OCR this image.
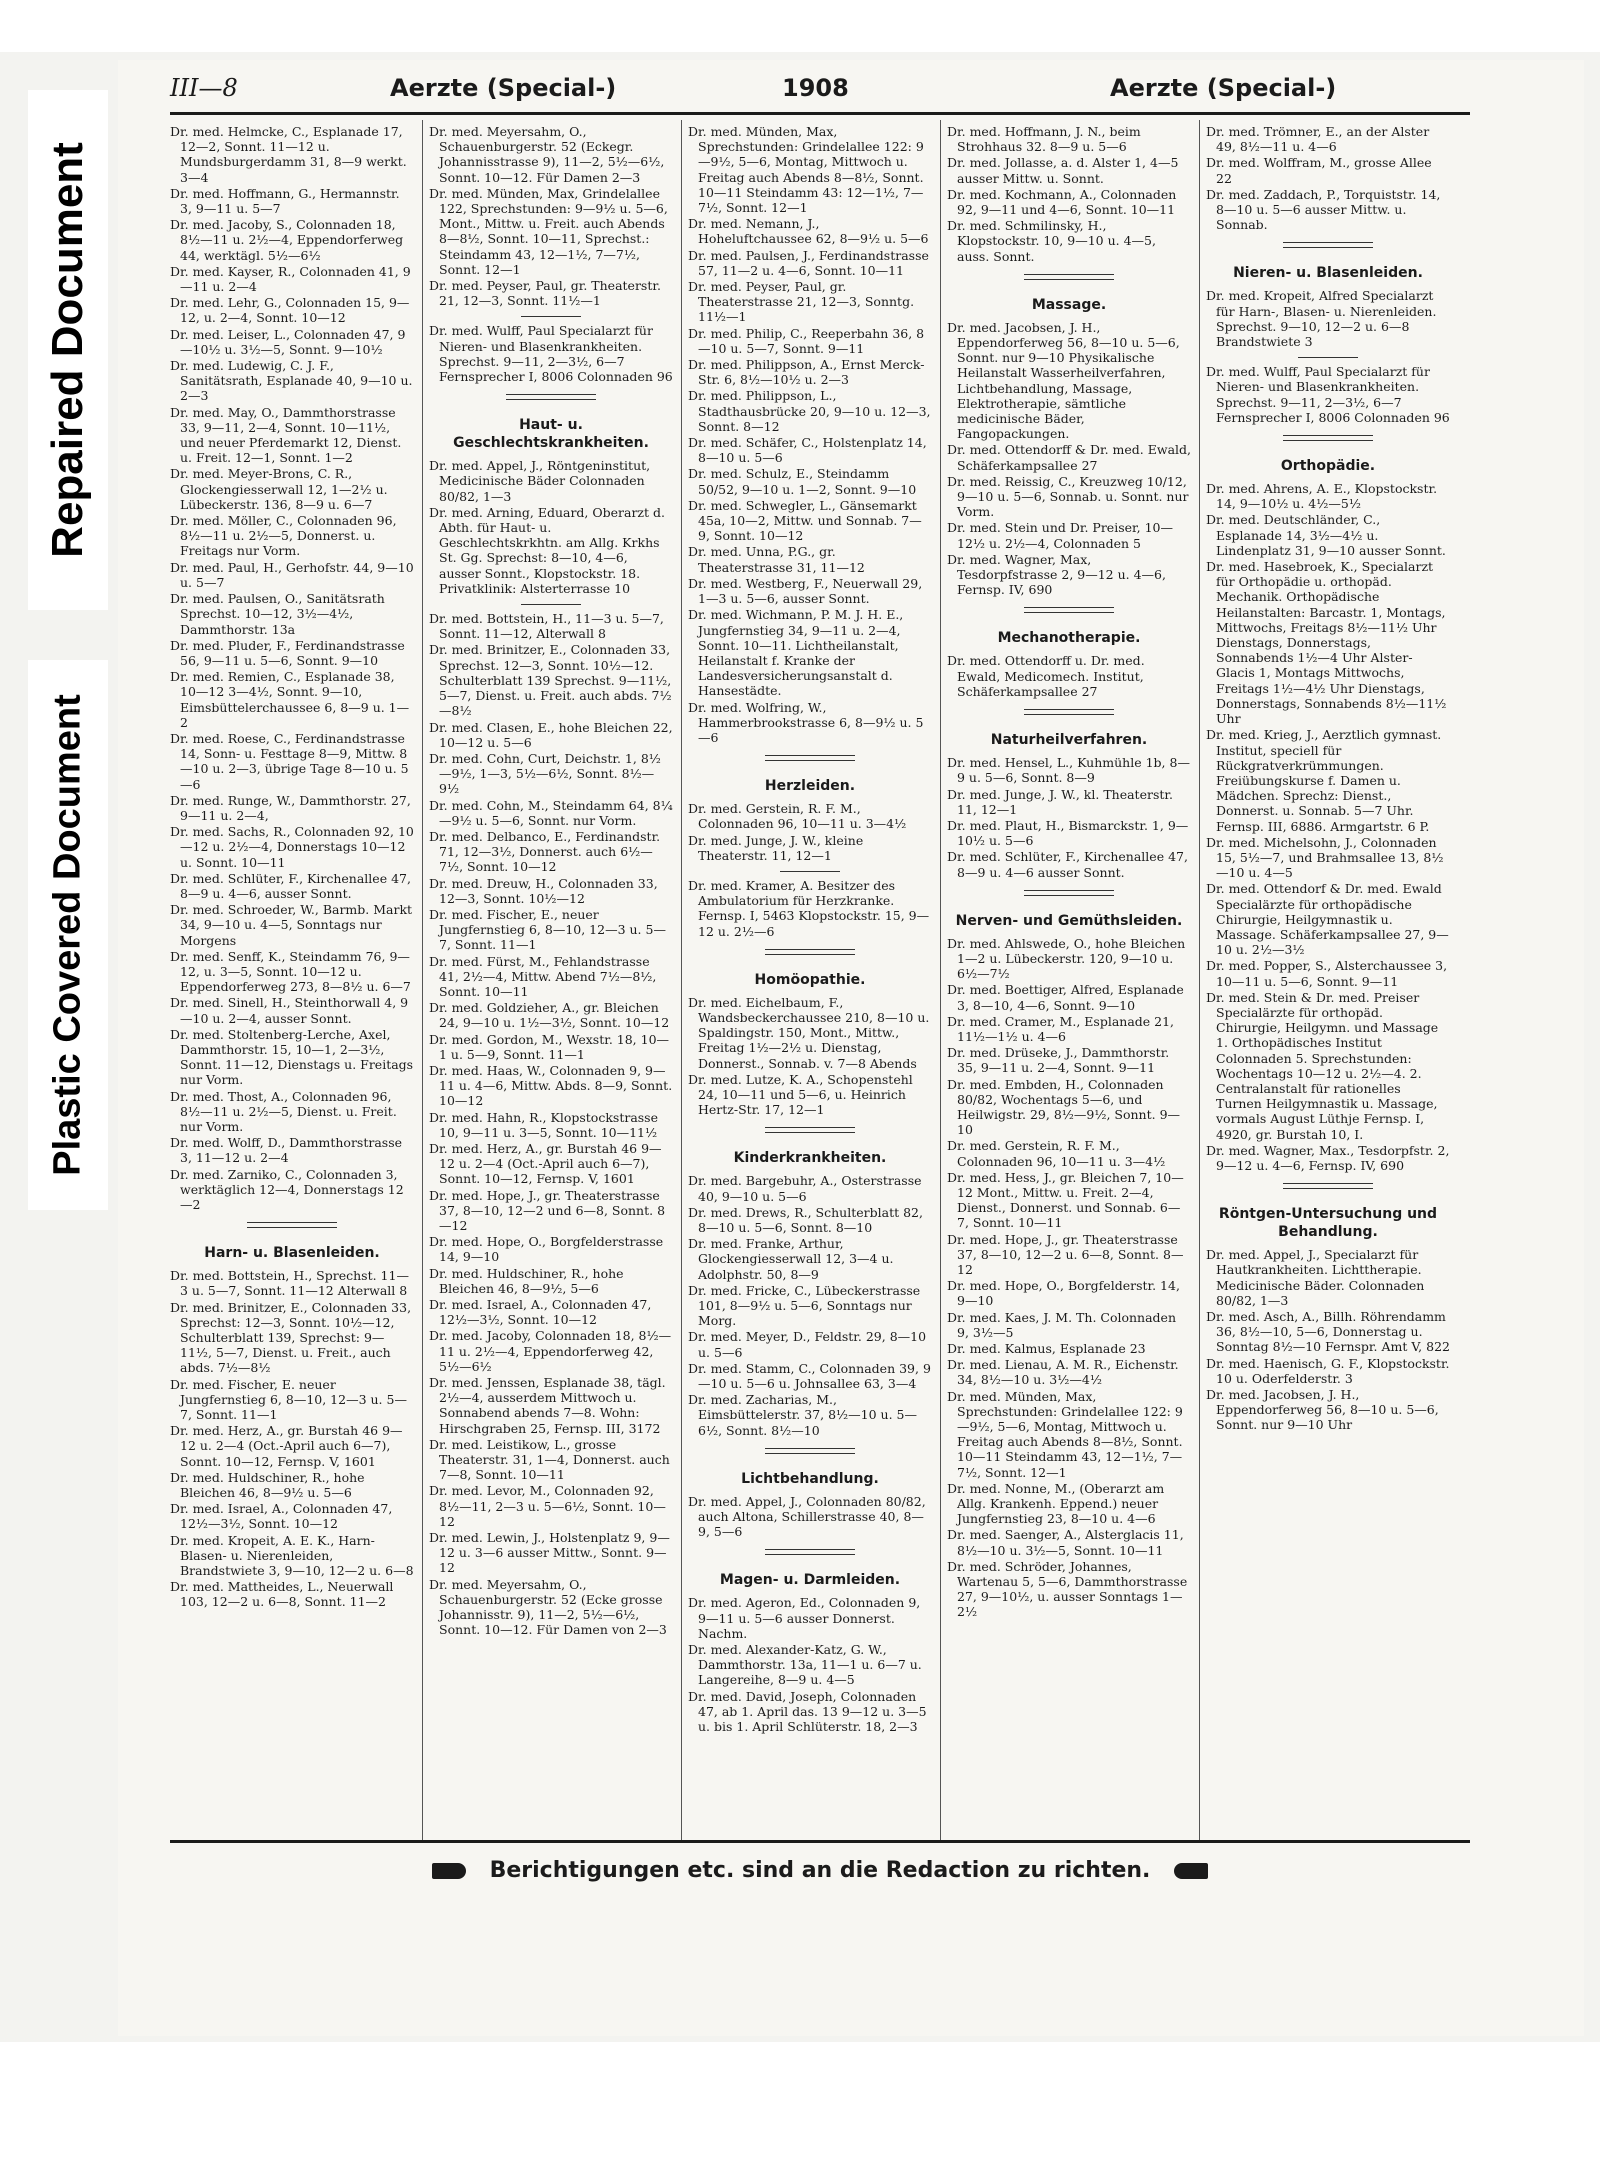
Repaired Document
Plastic Covered Document
III—8	Aerzte (Special-)	1908	Aerzte (Special-)

Dr. med. Helmcke, C., Esplanade 17, 12—2, Sonnt. 11—12 u. Mundsburgerdamm 31, 8—9 werkt. 3—4

Dr. med. Hoffmann, G., Hermannstr. 3, 9—11 u. 5—7

Dr. med. Jacoby, S., Colonnaden 18, 8½—11 u. 2½—4, Eppendorferweg 44, werktägl. 5½—6½

Dr. med. Kayser, R., Colonnaden 41, 9—11 u. 2—4

Dr. med. Lehr, G., Colonnaden 15, 9—12, u. 2—4, Sonnt. 10—12

Dr. med. Leiser, L., Colonnaden 47, 9—10½ u. 3½—5, Sonnt. 9—10½

Dr. med. Ludewig, C. J. F., Sanitätsrath, Esplanade 40, 9—10 u. 2—3

Dr. med. May, O., Dammthorstrasse 33, 9—11, 2—4, Sonnt. 10—11½, und neuer Pferdemarkt 12, Dienst. u. Freit. 12—1, Sonnt. 1—2

Dr. med. Meyer-Brons, C. R., Glockengiesserwall 12, 1—2½ u. Lübeckerstr. 136, 8—9 u. 6—7

Dr. med. Möller, C., Colonnaden 96, 8½—11 u. 2½—5, Donnerst. u. Freitags nur Vorm.

Dr. med. Paul, H., Gerhofstr. 44, 9—10 u. 5—7

Dr. med. Paulsen, O., Sanitätsrath Sprechst. 10—12, 3½—4½, Dammthorstr. 13a

Dr. med. Pluder, F., Ferdinandstrasse 56, 9—11 u. 5—6, Sonnt. 9—10

Dr. med. Remien, C., Esplanade 38, 10—12 3—4½, Sonnt. 9—10, Eimsbüttelerchaussee 6, 8—9 u. 1—2

Dr. med. Roese, C., Ferdinandstrasse 14, Sonn- u. Festtage 8—9, Mittw. 8—10 u. 2—3, übrige Tage 8—10 u. 5—6

Dr. med. Runge, W., Dammthorstr. 27, 9—11 u. 2—4,

Dr. med. Sachs, R., Colonnaden 92, 10—12 u. 2½—4, Donnerstags 10—12 u. Sonnt. 10—11

Dr. med. Schlüter, F., Kirchenallee 47, 8—9 u. 4—6, ausser Sonnt.

Dr. med. Schroeder, W., Barmb. Markt 34, 9—10 u. 4—5, Sonntags nur Morgens

Dr. med. Senff, K., Steindamm 76, 9—12, u. 3—5, Sonnt. 10—12 u. Eppendorferweg 273, 8—8½ u. 6—7

Dr. med. Sinell, H., Steinthorwall 4, 9—10 u. 2—4, ausser Sonnt.

Dr. med. Stoltenberg-Lerche, Axel, Dammthorstr. 15, 10—1, 2—3½, Sonnt. 11—12, Dienstags u. Freitags nur Vorm.

Dr. med. Thost, A., Colonnaden 96, 8½—11 u. 2½—5, Dienst. u. Freit. nur Vorm.

Dr. med. Wolff, D., Dammthorstrasse 3, 11—12 u. 2—4

Dr. med. Zarniko, C., Colonnaden 3, werktäglich 12—4, Donnerstags 12—2

Harn- u. Blasenleiden.

Dr. med. Bottstein, H., Sprechst. 11—3 u. 5—7, Sonnt. 11—12 Alterwall 8

Dr. med. Brinitzer, E., Colonnaden 33, Sprechst: 12—3, Sonnt. 10½—12, Schulterblatt 139, Sprechst: 9—11½, 5—7, Dienst. u. Freit., auch abds. 7½—8½

Dr. med. Fischer, E. neuer Jungfernstieg 6, 8—10, 12—3 u. 5—7, Sonnt. 11—1

Dr. med. Herz, A., gr. Burstah 46 9—12 u. 2—4 (Oct.-April auch 6—7), Sonnt. 10—12, Fernsp. V, 1601

Dr. med. Huldschiner, R., hohe Bleichen 46, 8—9½ u. 5—6

Dr. med. Israel, A., Colonnaden 47, 12½—3½, Sonnt. 10—12

Dr. med. Kropeit, A. E. K., Harn- Blasen- u. Nierenleiden, Brandstwiete 3, 9—10, 12—2 u. 6—8

Dr. med. Mattheides, L., Neuerwall 103, 12—2 u. 6—8, Sonnt. 11—2

Dr. med. Meyersahm, O., Schauenburgerstr. 52 (Eckegr. Johannisstrasse 9), 11—2, 5½—6½, Sonnt. 10—12. Für Damen 2—3

Dr. med. Münden, Max, Grindelallee 122, Sprechstunden: 9—9½ u. 5—6, Mont., Mittw. u. Freit. auch Abends 8—8½, Sonnt. 10—11, Sprechst.: Steindamm 43, 12—1½, 7—7½, Sonnt. 12—1

Dr. med. Peyser, Paul, gr. Theaterstr. 21, 12—3, Sonnt. 11½—1

Dr. med. Wulff, Paul Specialarzt für Nieren- und Blasenkrankheiten. Sprechst. 9—11, 2—3½, 6—7 Fernsprecher I, 8006 Colonnaden 96

Haut- u. Geschlechtskrankheiten.

Dr. med. Appel, J., Röntgeninstitut, Medicinische Bäder Colonnaden 80/82, 1—3

Dr. med. Arning, Eduard, Oberarzt d. Abth. für Haut- u. Geschlechtskrkhtn. am Allg. Krkhs St. Gg. Sprechst: 8—10, 4—6, ausser Sonnt., Klopstockstr. 18. Privatklinik: Alsterterrasse 10

Dr. med. Bottstein, H., 11—3 u. 5—7, Sonnt. 11—12, Alterwall 8

Dr. med. Brinitzer, E., Colonnaden 33, Sprechst. 12—3, Sonnt. 10½—12. Schulterblatt 139 Sprechst. 9—11½, 5—7, Dienst. u. Freit. auch abds. 7½—8½

Dr. med. Clasen, E., hohe Bleichen 22, 10—12 u. 5—6

Dr. med. Cohn, Curt, Deichstr. 1, 8½—9½, 1—3, 5½—6½, Sonnt. 8½—9½

Dr. med. Cohn, M., Steindamm 64, 8¼—9½ u. 5—6, Sonnt. nur Vorm.

Dr. med. Delbanco, E., Ferdinandstr. 71, 12—3½, Donnerst. auch 6½—7½, Sonnt. 10—12

Dr. med. Dreuw, H., Colonnaden 33, 12—3, Sonnt. 10½—12

Dr. med. Fischer, E., neuer Jungfernstieg 6, 8—10, 12—3 u. 5—7, Sonnt. 11—1

Dr. med. Fürst, M., Fehlandstrasse 41, 2½—4, Mittw. Abend 7½—8½, Sonnt. 10—11

Dr. med. Goldzieher, A., gr. Bleichen 24, 9—10 u. 1½—3½, Sonnt. 10—12

Dr. med. Gordon, M., Wexstr. 18, 10—1 u. 5—9, Sonnt. 11—1

Dr. med. Haas, W., Colonnaden 9, 9—11 u. 4—6, Mittw. Abds. 8—9, Sonnt. 10—12

Dr. med. Hahn, R., Klopstockstrasse 10, 9—11 u. 3—5, Sonnt. 10—11½

Dr. med. Herz, A., gr. Burstah 46 9—12 u. 2—4 (Oct.-April auch 6—7), Sonnt. 10—12, Fernsp. V, 1601

Dr. med. Hope, J., gr. Theaterstrasse 37, 8—10, 12—2 und 6—8, Sonnt. 8—12

Dr. med. Hope, O., Borgfelderstrasse 14, 9—10

Dr. med. Huldschiner, R., hohe Bleichen 46, 8—9½, 5—6

Dr. med. Israel, A., Colonnaden 47, 12½—3½, Sonnt. 10—12

Dr. med. Jacoby, Colonnaden 18, 8½—11 u. 2½—4, Eppendorferweg 42, 5½—6½

Dr. med. Jenssen, Esplanade 38, tägl. 2½—4, ausserdem Mittwoch u. Sonnabend abends 7—8. Wohn: Hirschgraben 25, Fernsp. III, 3172

Dr. med. Leistikow, L., grosse Theaterstr. 31, 1—4, Donnerst. auch 7—8, Sonnt. 10—11

Dr. med. Levor, M., Colonnaden 92, 8½—11, 2—3 u. 5—6½, Sonnt. 10—12

Dr. med. Lewin, J., Holstenplatz 9, 9—12 u. 3—6 ausser Mittw., Sonnt. 9—12

Dr. med. Meyersahm, O., Schauenburgerstr. 52 (Ecke grosse Johannisstr. 9), 11—2, 5½—6½, Sonnt. 10—12. Für Damen von 2—3

Dr. med. Münden, Max, Sprechstunden: Grindelallee 122: 9—9½, 5—6, Montag, Mittwoch u. Freitag auch Abends 8—8½, Sonnt. 10—11 Steindamm 43: 12—1½, 7—7½, Sonnt. 12—1

Dr. med. Nemann, J., Hoheluftchaussee 62, 8—9½ u. 5—6

Dr. med. Paulsen, J., Ferdinandstrasse 57, 11—2 u. 4—6, Sonnt. 10—11

Dr. med. Peyser, Paul, gr. Theaterstrasse 21, 12—3, Sonntg. 11½—1

Dr. med. Philip, C., Reeperbahn 36, 8—10 u. 5—7, Sonnt. 9—11

Dr. med. Philippson, A., Ernst Merck-Str. 6, 8½—10½ u. 2—3

Dr. med. Philippson, L., Stadthausbrücke 20, 9—10 u. 12—3, Sonnt. 8—12

Dr. med. Schäfer, C., Holstenplatz 14, 8—10 u. 5—6

Dr. med. Schulz, E., Steindamm 50/52, 9—10 u. 1—2, Sonnt. 9—10

Dr. med. Schwegler, L., Gänsemarkt 45a, 10—2, Mittw. und Sonnab. 7—9, Sonnt. 10—12

Dr. med. Unna, P.G., gr. Theaterstrasse 31, 11—12

Dr. med. Westberg, F., Neuerwall 29, 1—3 u. 5—6, ausser Sonnt.

Dr. med. Wichmann, P. M. J. H. E., Jungfernstieg 34, 9—11 u. 2—4, Sonnt. 10—11. Lichtheilanstalt, Heilanstalt f. Kranke der Landesversicherungsanstalt d. Hansestädte.

Dr. med. Wolfring, W., Hammerbrookstrasse 6, 8—9½ u. 5—6

Herzleiden.

Dr. med. Gerstein, R. F. M., Colonnaden 96, 10—11 u. 3—4½

Dr. med. Junge, J. W., kleine Theaterstr. 11, 12—1

Dr. med. Kramer, A. Besitzer des Ambulatorium für Herzkranke. Fernsp. I, 5463 Klopstockstr. 15, 9—12 u. 2½—6

Homöopathie.

Dr. med. Eichelbaum, F., Wandsbeckerchaussee 210, 8—10 u. Spaldingstr. 150, Mont., Mittw., Freitag 1½—2½ u. Dienstag, Donnerst., Sonnab. v. 7—8 Abends

Dr. med. Lutze, K. A., Schopenstehl 24, 10—11 und 5—6, u. Heinrich Hertz-Str. 17, 12—1

Kinderkrankheiten.

Dr. med. Bargebuhr, A., Osterstrasse 40, 9—10 u. 5—6

Dr. med. Drews, R., Schulterblatt 82, 8—10 u. 5—6, Sonnt. 8—10

Dr. med. Franke, Arthur, Glockengiesserwall 12, 3—4 u. Adolphstr. 50, 8—9

Dr. med. Fricke, C., Lübeckerstrasse 101, 8—9½ u. 5—6, Sonntags nur Morg.

Dr. med. Meyer, D., Feldstr. 29, 8—10 u. 5—6

Dr. med. Stamm, C., Colonnaden 39, 9—10 u. 5—6 u. Johnsallee 63, 3—4

Dr. med. Zacharias, M., Eimsbüttelerstr. 37, 8½—10 u. 5—6½, Sonnt. 8½—10

Lichtbehandlung.

Dr. med. Appel, J., Colonnaden 80/82, auch Altona, Schillerstrasse 40, 8—9, 5—6

Magen- u. Darmleiden.

Dr. med. Ageron, Ed., Colonnaden 9, 9—11 u. 5—6 ausser Donnerst. Nachm.

Dr. med. Alexander-Katz, G. W., Dammthorstr. 13a, 11—1 u. 6—7 u. Langereihe, 8—9 u. 4—5

Dr. med. David, Joseph, Colonnaden 47, ab 1. April das. 13 9—12 u. 3—5 u. bis 1. April Schlüterstr. 18, 2—3

Dr. med. Hoffmann, J. N., beim Strohhaus 32. 8—9 u. 5—6

Dr. med. Jollasse, a. d. Alster 1, 4—5 ausser Mittw. u. Sonnt.

Dr. med. Kochmann, A., Colonnaden 92, 9—11 und 4—6, Sonnt. 10—11

Dr. med. Schmilinsky, H., Klopstockstr. 10, 9—10 u. 4—5, auss. Sonnt.

Massage.

Dr. med. Jacobsen, J. H., Eppendorferweg 56, 8—10 u. 5—6, Sonnt. nur 9—10 Physikalische Heilanstalt Wasserheilverfahren, Lichtbehandlung, Massage, Elektrotherapie, sämtliche medicinische Bäder, Fangopackungen.

Dr. med. Ottendorff & Dr. med. Ewald, Schäferkampsallee 27

Dr. med. Reissig, C., Kreuzweg 10/12, 9—10 u. 5—6, Sonnab. u. Sonnt. nur Vorm.

Dr. med. Stein und Dr. Preiser, 10—12½ u. 2½—4, Colonnaden 5

Dr. med. Wagner, Max, Tesdorpfstrasse 2, 9—12 u. 4—6, Fernsp. IV, 690

Mechanotherapie.

Dr. med. Ottendorff u. Dr. med. Ewald, Medicomech. Institut, Schäferkampsallee 27

Naturheilverfahren.

Dr. med. Hensel, L., Kuhmühle 1b, 8—9 u. 5—6, Sonnt. 8—9

Dr. med. Junge, J. W., kl. Theaterstr. 11, 12—1

Dr. med. Plaut, H., Bismarckstr. 1, 9—10½ u. 5—6

Dr. med. Schlüter, F., Kirchenallee 47, 8—9 u. 4—6 ausser Sonnt.

Nerven- und Gemüthsleiden.

Dr. med. Ahlswede, O., hohe Bleichen 1—2 u. Lübeckerstr. 120, 9—10 u. 6½—7½

Dr. med. Boettiger, Alfred, Esplanade 3, 8—10, 4—6, Sonnt. 9—10

Dr. med. Cramer, M., Esplanade 21, 11½—1½ u. 4—6

Dr. med. Drüseke, J., Dammthorstr. 35, 9—11 u. 2—4, Sonnt. 9—11

Dr. med. Embden, H., Colonnaden 80/82, Wochentags 5—6, und Heilwigstr. 29, 8½—9½, Sonnt. 9—10

Dr. med. Gerstein, R. F. M., Colonnaden 96, 10—11 u. 3—4½

Dr. med. Hess, J., gr. Bleichen 7, 10—12 Mont., Mittw. u. Freit. 2—4, Dienst., Donnerst. und Sonnab. 6—7, Sonnt. 10—11

Dr. med. Hope, J., gr. Theaterstrasse 37, 8—10, 12—2 u. 6—8, Sonnt. 8—12

Dr. med. Hope, O., Borgfelderstr. 14, 9—10

Dr. med. Kaes, J. M. Th. Colonnaden 9, 3½—5

Dr. med. Kalmus, Esplanade 23

Dr. med. Lienau, A. M. R., Eichenstr. 34, 8½—10 u. 3½—4½

Dr. med. Münden, Max, Sprechstunden: Grindelallee 122: 9—9½, 5—6, Montag, Mittwoch u. Freitag auch Abends 8—8½, Sonnt. 10—11 Steindamm 43, 12—1½, 7—7½, Sonnt. 12—1

Dr. med. Nonne, M., (Oberarzt am Allg. Krankenh. Eppend.) neuer Jungfernstieg 23, 8—10 u. 4—6

Dr. med. Saenger, A., Alsterglacis 11, 8½—10 u. 3½—5, Sonnt. 10—11

Dr. med. Schröder, Johannes, Wartenau 5, 5—6, Dammthorstrasse 27, 9—10½, u. ausser Sonntags 1—2½

Dr. med. Trömner, E., an der Alster 49, 8½—11 u. 4—6

Dr. med. Wolffram, M., grosse Allee 22

Dr. med. Zaddach, P., Torquiststr. 14, 8—10 u. 5—6 ausser Mittw. u. Sonnab.

Nieren- u. Blasenleiden.

Dr. med. Kropeit, Alfred Specialarzt für Harn-, Blasen- u. Nierenleiden. Sprechst. 9—10, 12—2 u. 6—8 Brandstwiete 3

Dr. med. Wulff, Paul Specialarzt für Nieren- und Blasenkrankheiten. Sprechst. 9—11, 2—3½, 6—7 Fernsprecher I, 8006 Colonnaden 96

Orthopädie.

Dr. med. Ahrens, A. E., Klopstockstr. 14, 9—10½ u. 4½—5½

Dr. med. Deutschländer, C., Esplanade 14, 3½—4½ u. Lindenplatz 31, 9—10 ausser Sonnt.

Dr. med. Hasebroek, K., Specialarzt für Orthopädie u. orthopäd. Mechanik. Orthopädische Heilanstalten: Barcastr. 1, Montags, Mittwochs, Freitags 8½—11½ Uhr Dienstags, Donnerstags, Sonnabends 1½—4 Uhr Alster-Glacis 1, Montags Mittwochs, Freitags 1½—4½ Uhr Dienstags, Donnerstags, Sonnabends 8½—11½ Uhr

Dr. med. Krieg, J., Aerztlich gymnast. Institut, speciell für Rückgratverkrümmungen. Freiübungskurse f. Damen u. Mädchen. Sprechz: Dienst., Donnerst. u. Sonnab. 5—7 Uhr. Fernsp. III, 6886. Armgartstr. 6 P.

Dr. med. Michelsohn, J., Colonnaden 15, 5½—7, und Brahmsallee 13, 8½—10 u. 4—5

Dr. med. Ottendorf & Dr. med. Ewald Specialärzte für orthopädische Chirurgie, Heilgymnastik u. Massage. Schäferkampsallee 27, 9—10 u. 2½—3½

Dr. med. Popper, S., Alsterchaussee 3, 10—11 u. 5—6, Sonnt. 9—11

Dr. med. Stein & Dr. med. Preiser Specialärzte für orthopäd. Chirurgie, Heilgymn. und Massage 1. Orthopädisches Institut Colonnaden 5. Sprechstunden: Wochentags 10—12 u. 2½—4. 2. Centralanstalt für rationelles Turnen Heilgymnastik u. Massage, vormals August Lüthje Fernsp. I, 4920, gr. Burstah 10, I.

Dr. med. Wagner, Max., Tesdorpfstr. 2, 9—12 u. 4—6, Fernsp. IV, 690

Röntgen-Untersuchung und Behandlung.

Dr. med. Appel, J., Specialarzt für Hautkrankheiten. Lichttherapie. Medicinische Bäder. Colonnaden 80/82, 1—3

Dr. med. Asch, A., Billh. Röhrendamm 36, 8½—10, 5—6, Donnerstag u. Sonntag 8½—10 Fernspr. Amt V, 822

Dr. med. Haenisch, G. F., Klopstockstr. 10 u. Oderfelderstr. 3

Dr. med. Jacobsen, J. H., Eppendorferweg 56, 8—10 u. 5—6, Sonnt. nur 9—10 Uhr

Berichtigungen etc. sind an die Redaction zu richten.
